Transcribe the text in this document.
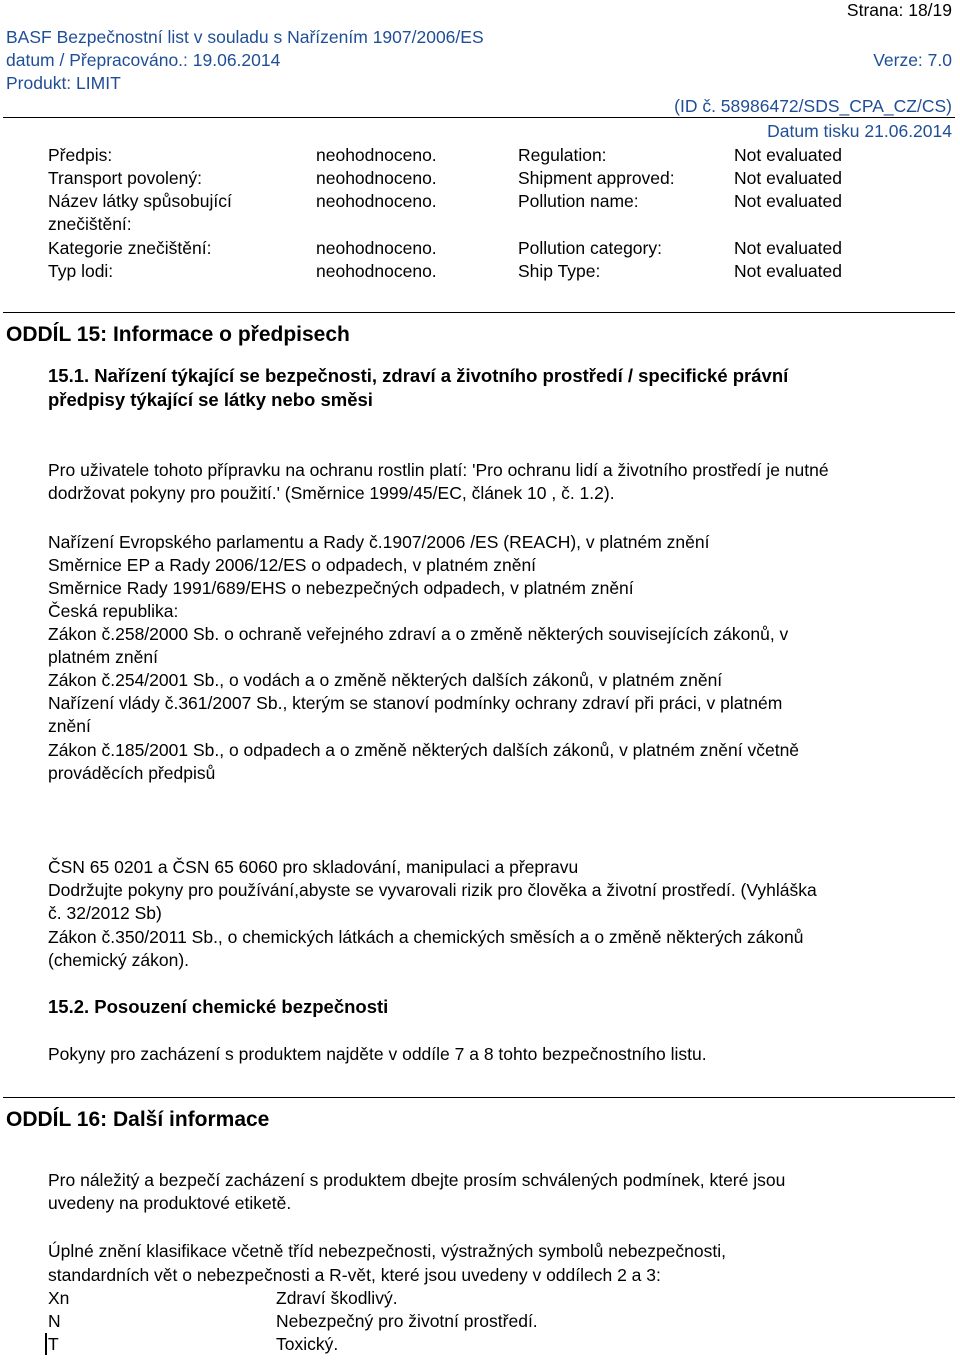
Strana: 18/19
BASF Bezpečnostní list v souladu s Nařízením 1907/2006/ES
datum / Přepracováno.: 19.06.2014	Verze: 7.0
Produkt: LIMIT
(ID č. 58986472/SDS_CPA_CZ/CS)
Datum tisku 21.06.2014
Předpis:	neohodnoceno.	Regulation:	Not evaluated
Transport povolený:	neohodnoceno.	Shipment approved:	Not evaluated
Název látky spůsobující	neohodnoceno.	Pollution name:	Not evaluated
znečištění:
Kategorie znečištění:	neohodnoceno.	Pollution category:	Not evaluated
Typ lodi:	neohodnoceno.	Ship Type:	Not evaluated
ODDÍL 15: Informace o předpisech
15.1. Nařízení týkající se bezpečnosti, zdraví a životního prostředí / specifické právní
předpisy týkající se látky nebo směsi
Pro uživatele tohoto přípravku na ochranu rostlin platí: 'Pro ochranu lidí a životního prostředí je nutné
dodržovat pokyny pro použití.' (Směrnice 1999/45/EC, článek 10 , č. 1.2).
Nařízení Evropského parlamentu a Rady č.1907/2006 /ES (REACH), v platném znění
Směrnice EP a Rady 2006/12/ES o odpadech, v platném znění
Směrnice Rady 1991/689/EHS o nebezpečných odpadech, v platném znění
Česká republika:
Zákon č.258/2000 Sb. o ochraně veřejného zdraví a o změně některých souvisejících zákonů, v
platném znění
Zákon č.254/2001 Sb., o vodách a o změně některých dalších zákonů, v platném znění
Nařízení vlády č.361/2007 Sb., kterým se stanoví podmínky ochrany zdraví při práci, v platném
znění
Zákon č.185/2001 Sb., o odpadech a o změně některých dalších zákonů, v platném znění včetně
prováděcích předpisů
ČSN 65 0201 a ČSN 65 6060 pro skladování, manipulaci a přepravu
Dodržujte pokyny pro používání,abyste se vyvarovali rizik pro člověka a životní prostředí. (Vyhláška
č. 32/2012 Sb)
Zákon č.350/2011 Sb., o chemických látkách a chemických směsích a o změně některých zákonů
(chemický zákon).
15.2. Posouzení chemické bezpečnosti
Pokyny pro zacházení s produktem najděte v oddíle 7 a 8 tohto bezpečnostního listu.
ODDÍL 16: Další informace
Pro náležitý a bezpečí zacházení s produktem dbejte prosím schválených podmínek, které jsou
uvedeny na produktové etiketě.
Úplné znění klasifikace včetně tříd nebezpečnosti, výstražných symbolů nebezpečnosti,
standardních vět o nebezpečnosti a R-vět, které jsou uvedeny v oddílech 2 a 3:
Xn	Zdraví škodlivý.
N	Nebezpečný pro životní prostředí.
T	Toxický.
